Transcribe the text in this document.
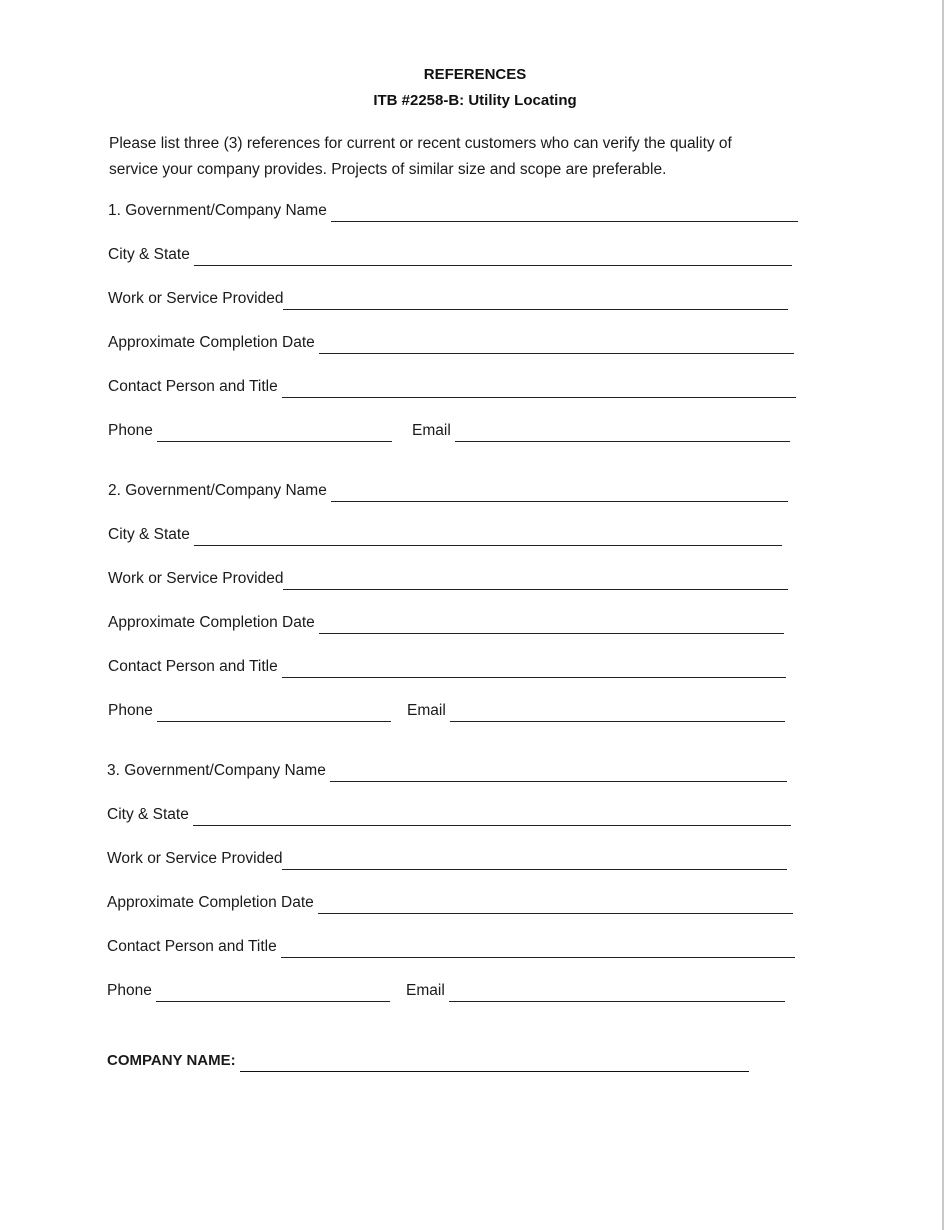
REFERENCES
ITB #2258-B: Utility Locating

Please list three (3) references for current or recent customers who can verify the quality of

service your company provides. Projects of similar size and scope are preferable.

1. Government/Company Name
City & State
Work or Service Provided
Approximate Completion Date
Contact Person and Title
Phone	Email
2. Government/Company Name
City & State
Work or Service Provided
Approximate Completion Date
Contact Person and Title
Phone	Email
3. Government/Company Name
City & State
Work or Service Provided
Approximate Completion Date
Contact Person and Title
Phone	Email
COMPANY NAME:
